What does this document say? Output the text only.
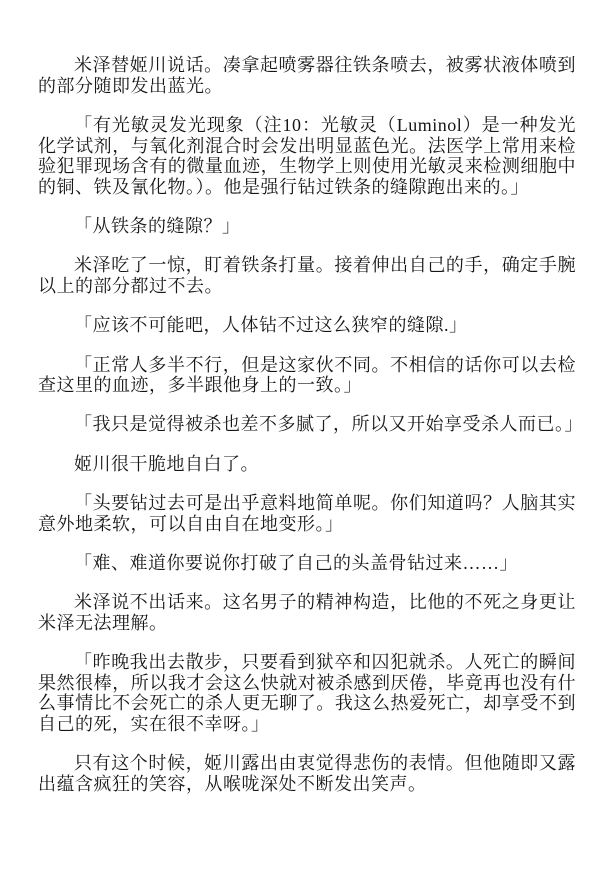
米泽替姬川说话。凑拿起喷雾器往铁条喷去，被雾状液体喷到的部分随即发出蓝光。

「有光敏灵发光现象（注10：光敏灵（Luminol）是一种发光化学试剂，与氧化剂混合时会发出明显蓝色光。法医学上常用来检验犯罪现场含有的微量血迹，生物学上则使用光敏灵来检测细胞中的铜、铁及氰化物。）。他是强行钻过铁条的缝隙跑出来的。」

「从铁条的缝隙？」

米泽吃了一惊，盯着铁条打量。接着伸出自己的手，确定手腕以上的部分都过不去。

「应该不可能吧，人体钻不过这么狭窄的缝隙.」

「正常人多半不行，但是这家伙不同。不相信的话你可以去检查这里的血迹，多半跟他身上的一致。」

「我只是觉得被杀也差不多腻了，所以又开始享受杀人而已。」

姬川很干脆地自白了。

「头要钻过去可是出乎意料地简单呢。你们知道吗？人脑其实意外地柔软，可以自由自在地变形。」

「难、难道你要说你打破了自己的头盖骨钻过来……」

米泽说不出话来。这名男子的精神构造，比他的不死之身更让米泽无法理解。

「昨晚我出去散步，只要看到狱卒和囚犯就杀。人死亡的瞬间果然很棒，所以我才会这么快就对被杀感到厌倦，毕竟再也没有什么事情比不会死亡的杀人更无聊了。我这么热爱死亡，却享受不到自己的死，实在很不幸呀。」

只有这个时候，姬川露出由衷觉得悲伤的表情。但他随即又露出蕴含疯狂的笑容，从喉咙深处不断发出笑声。
